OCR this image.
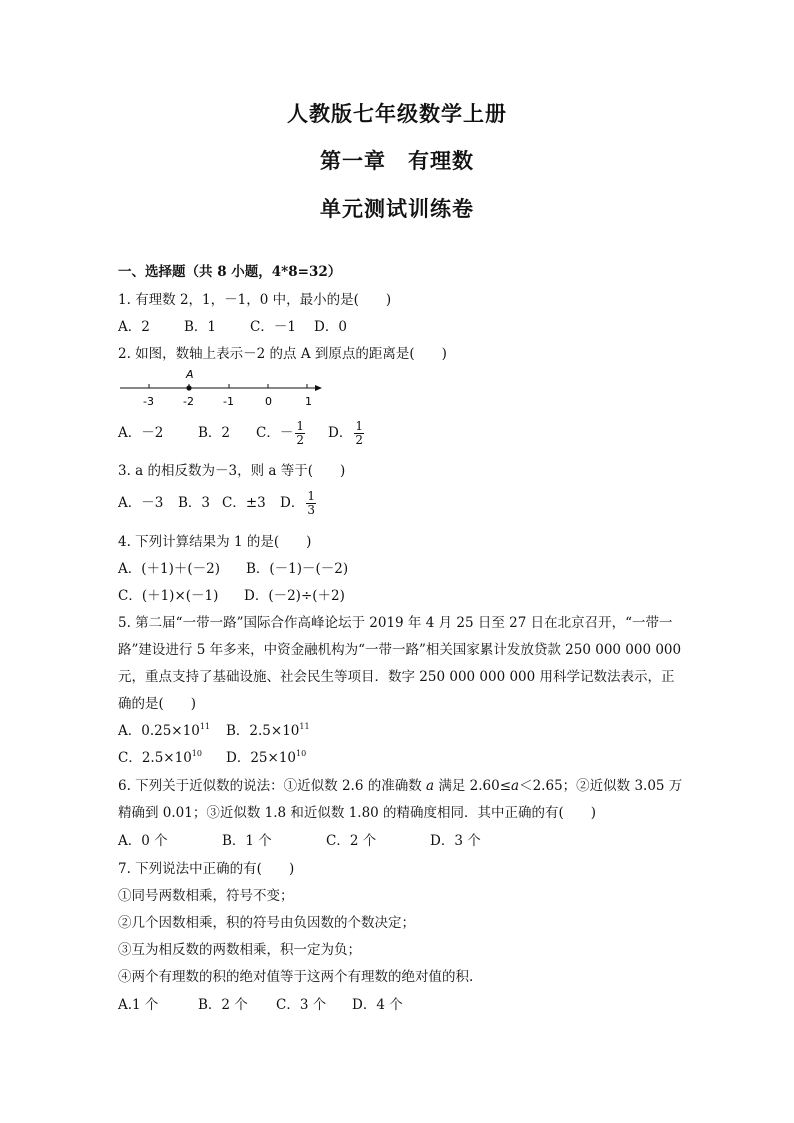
人教版七年级数学上册
第一章　有理数
单元测试训练卷
一、选择题（共 8 小题，4*8=32）
1. 有理数 2，1，－1，0 中，最小的是(　　)
A．2	B．1	C．－1 D．0
2. 如图，数轴上表示－2 的点 A 到原点的距离是(　　)
A
-3	-2	-1	0	1
A．－2	B．2 C．－ $\frac{1}{2}$ D． $\frac{1}{2}$
3. a 的相反数为－3，则 a 等于(　　)
A．－3 B．3 C．±3 D． $\frac{1}{3}$
4. 下列计算结果为 1 的是(　　)
A．(＋1)＋(－2) B．(－1)－(－2)
C．(＋1)×(－1) D．(－2)÷(＋2)
5. 第二届“一带一路”国际合作高峰论坛于 2019 年 4 月 25 日至 27 日在北京召开，“一带一
路”建设进行 5 年多来，中资金融机构为“一带一路”相关国家累计发放贷款 250 000 000 000
元，重点支持了基础设施、社会民生等项目．数字 250 000 000 000 用科学记数法表示，正
确的是(　　)
A．$0.25\times 10^{11}$ B．$2.5\times 10^{11}$
C．$2.5\times 10^{10}$ D．$25\times 10^{10}$
6. 下列关于近似数的说法：①近似数 2.6 的准确数 a 满足 2.60≤a＜2.65；②近似数 3.05 万
精确到 0.01；③近似数 1.8 和近似数 1.80 的精确度相同．其中正确的有(　　)
A．0 个	B．1 个	C．2 个	D．3 个
7. 下列说法中正确的有(　　)
①同号两数相乘，符号不变；
②几个因数相乘，积的符号由负因数的个数决定；
③互为相反数的两数相乘，积一定为负；
④两个有理数的积的绝对值等于这两个有理数的绝对值的积.
A.1 个	B．2 个 C．3 个 D．4 个
